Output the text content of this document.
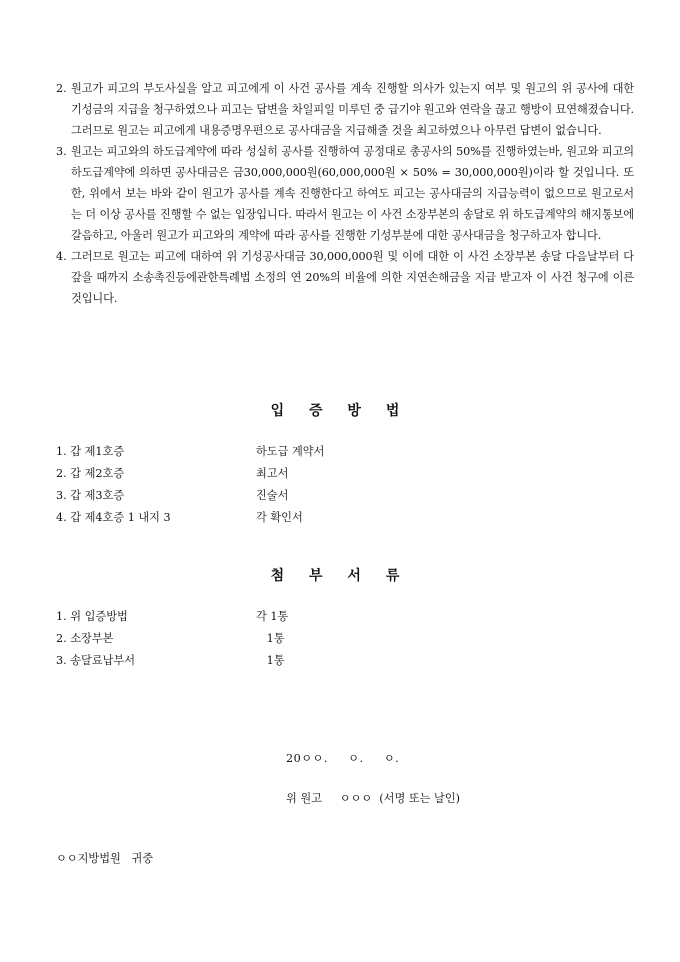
2. 원고가 피고의 부도사실을 알고 피고에게 이 사건 공사를 계속 진행할 의사가 있는지 여부 및 원고의 위 공사에 대한 기성금의 지급을 청구하였으나 피고는 답변을 차일피일 미루던 중 급기야 원고와 연락을 끊고 행방이 묘연해졌습니다. 그러므로 원고는 피고에게 내용증명우편으로 공사대금을 지급해줄 것을 최고하였으나 아무런 답변이 없습니다.
3. 원고는 피고와의 하도급계약에 따라 성실히 공사를 진행하여 공정대로 총공사의 50%를 진행하였는바, 원고와 피고의 하도급계약에 의하면 공사대금은 금30,000,000원(60,000,000원 × 50% = 30,000,000원)이라 할 것입니다. 또한, 위에서 보는 바와 같이 원고가 공사를 계속 진행한다고 하여도 피고는 공사대금의 지급능력이 없으므로 원고로서는 더 이상 공사를 진행할 수 없는 입장입니다. 따라서 원고는 이 사건 소장부본의 송달로 위 하도급계약의 해지통보에 갈음하고, 아울러 원고가 피고와의 계약에 따라 공사를 진행한 기성부분에 대한 공사대금을 청구하고자 합니다.
4. 그러므로 원고는 피고에 대하여 위 기성공사대금 30,000,000원 및 이에 대한 이 사건 소장부본 송달 다음날부터 다 갚을 때까지 소송촉진등에관한특례법 소정의 연 20%의 비율에 의한 지연손해금을 지급 받고자 이 사건 청구에 이른 것입니다.
입 증 방 법
1. 갑 제1호증	하도급 계약서
2. 갑 제2호증	최고서
3. 갑 제3호증	진술서
4. 갑 제4호증 1 내지 3	각 확인서
첨 부 서 류
1. 위 입증방법	각 1통
2. 소장부본	1통
3. 송달료납부서	1통
20ㅇㅇ.     ㅇ.     ㅇ.
위 원고     ㅇㅇㅇ  (서명 또는 날인)
ㅇㅇ지방법원   귀중
